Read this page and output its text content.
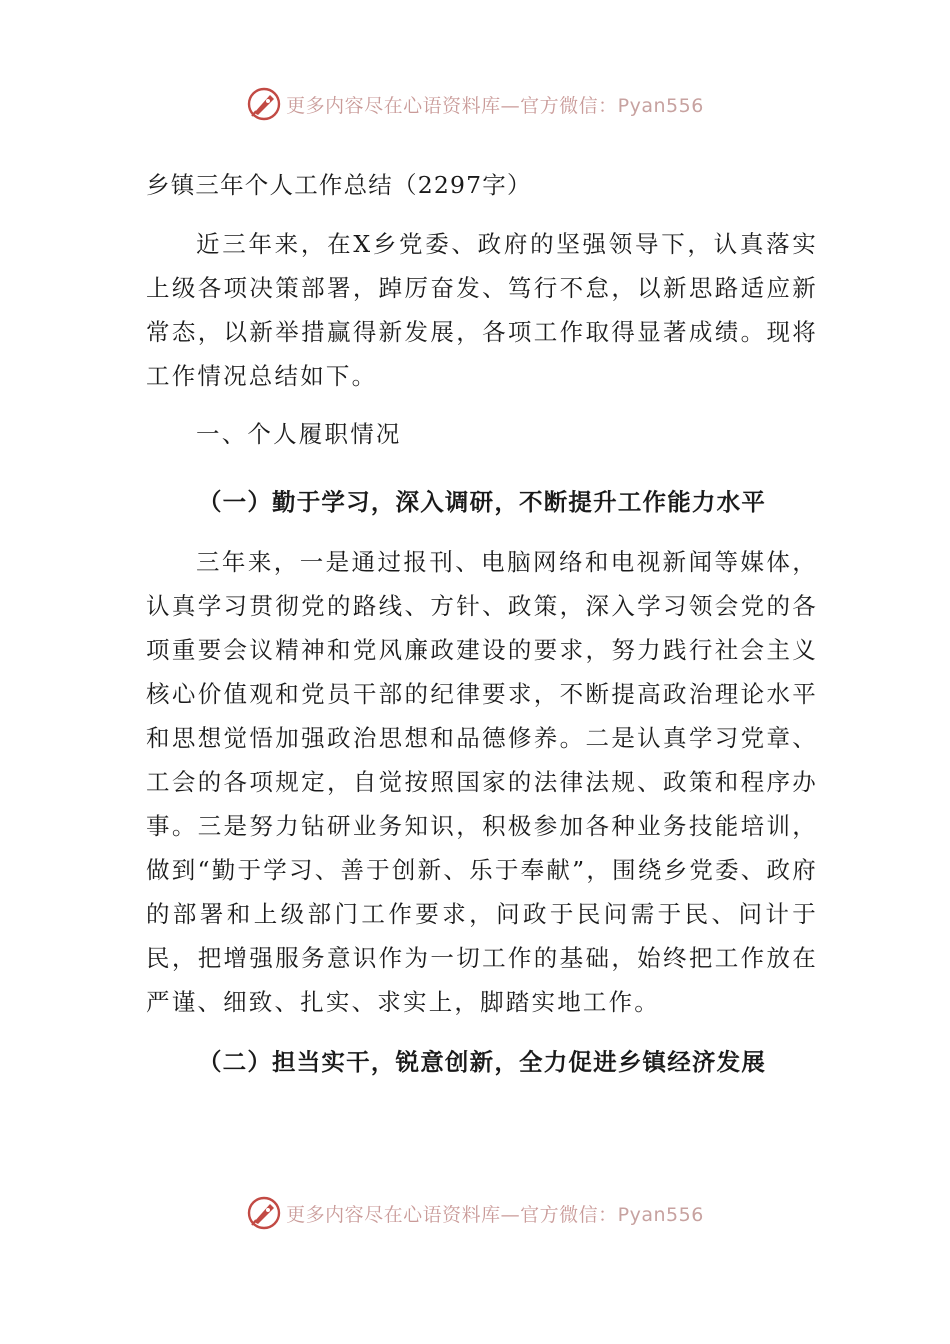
更多内容尽在心语资料库—官方微信：Pyan556

乡镇三年个人工作总结（2297字）

近三年来，在X乡党委、政府的坚强领导下，认真落实上级各项决策部署，踔厉奋发、笃行不怠，以新思路适应新常态，以新举措赢得新发展，各项工作取得显著成绩。现将工作情况总结如下。

一、个人履职情况

（一）勤于学习，深入调研，不断提升工作能力水平

三年来，一是通过报刊、电脑网络和电视新闻等媒体，认真学习贯彻党的路线、方针、政策，深入学习领会党的各项重要会议精神和党风廉政建设的要求，努力践行社会主义核心价值观和党员干部的纪律要求，不断提高政治理论水平和思想觉悟加强政治思想和品德修养。二是认真学习党章、工会的各项规定，自觉按照国家的法律法规、政策和程序办事。三是努力钻研业务知识，积极参加各种业务技能培训，做到“勤于学习、善于创新、乐于奉献”，围绕乡党委、政府的部署和上级部门工作要求，问政于民问需于民、问计于民，把增强服务意识作为一切工作的基础，始终把工作放在严谨、细致、扎实、求实上，脚踏实地工作。

（二）担当实干，锐意创新，全力促进乡镇经济发展

更多内容尽在心语资料库—官方微信：Pyan556
